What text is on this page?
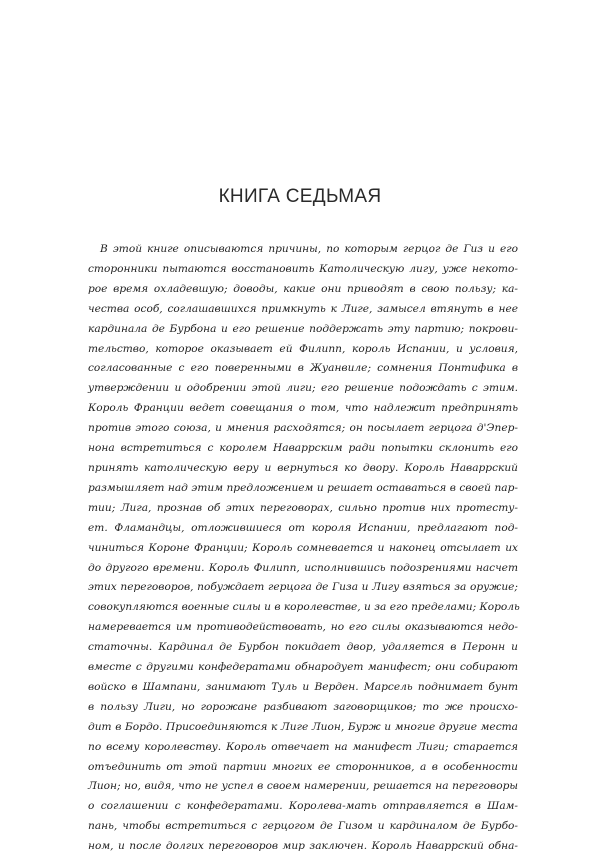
КНИГА СЕДЬМАЯ
В этой книге описываются причины, по которым герцог де Гиз и его
сторонники пытаются восстановить Католическую лигу, уже некото-
рое время охладевшую; доводы, какие они приводят в свою пользу; ка-
чества особ, соглашавшихся примкнуть к Лиге, замысел втянуть в нее
кардинала де Бурбона и его решение поддержать эту партию; покрови-
тельство, которое оказывает ей Филипп, король Испании, и условия,
согласованные с его поверенными в Жуанвиле; сомнения Понтифика в
утверждении и одобрении этой лиги; его решение подождать с этим.
Король Франции ведет совещания о том, что надлежит предпринять
против этого союза, и мнения расходятся; он посылает герцога д'Эпер-
нона встретиться с королем Наваррским ради попытки склонить его
принять католическую веру и вернуться ко двору. Король Наваррский
размышляет над этим предложением и решает оставаться в своей пар-
тии; Лига, прознав об этих переговорах, сильно против них протесту-
ет. Фламандцы, отложившиеся от короля Испании, предлагают под-
чиниться Короне Франции; Король сомневается и наконец отсылает их
до другого времени. Король Филипп, исполнившись подозрениями насчет
этих переговоров, побуждает герцога де Гиза и Лигу взяться за оружие;
совокупляются военные силы и в королевстве, и за его пределами; Король
намеревается им противодействовать, но его силы оказываются недо-
статочны. Кардинал де Бурбон покидает двор, удаляется в Перонн и
вместе с другими конфедератами обнародует манифест; они собирают
войско в Шампани, занимают Туль и Верден. Марсель поднимает бунт
в пользу Лиги, но горожане разбивают заговорщиков; то же происхо-
дит в Бордо. Присоединяются к Лиге Лион, Бурж и многие другие места
по всему королевству. Король отвечает на манифест Лиги; старается
отъединить от этой партии многих ее сторонников, а в особенности
Лион; но, видя, что не успел в своем намерении, решается на переговоры
о соглашении с конфедератами. Королева-мать отправляется в Шам-
пань, чтобы встретиться с герцогом де Гизом и кардиналом де Бурбо-
ном, и после долгих переговоров мир заключен. Король Наваррский обна-
